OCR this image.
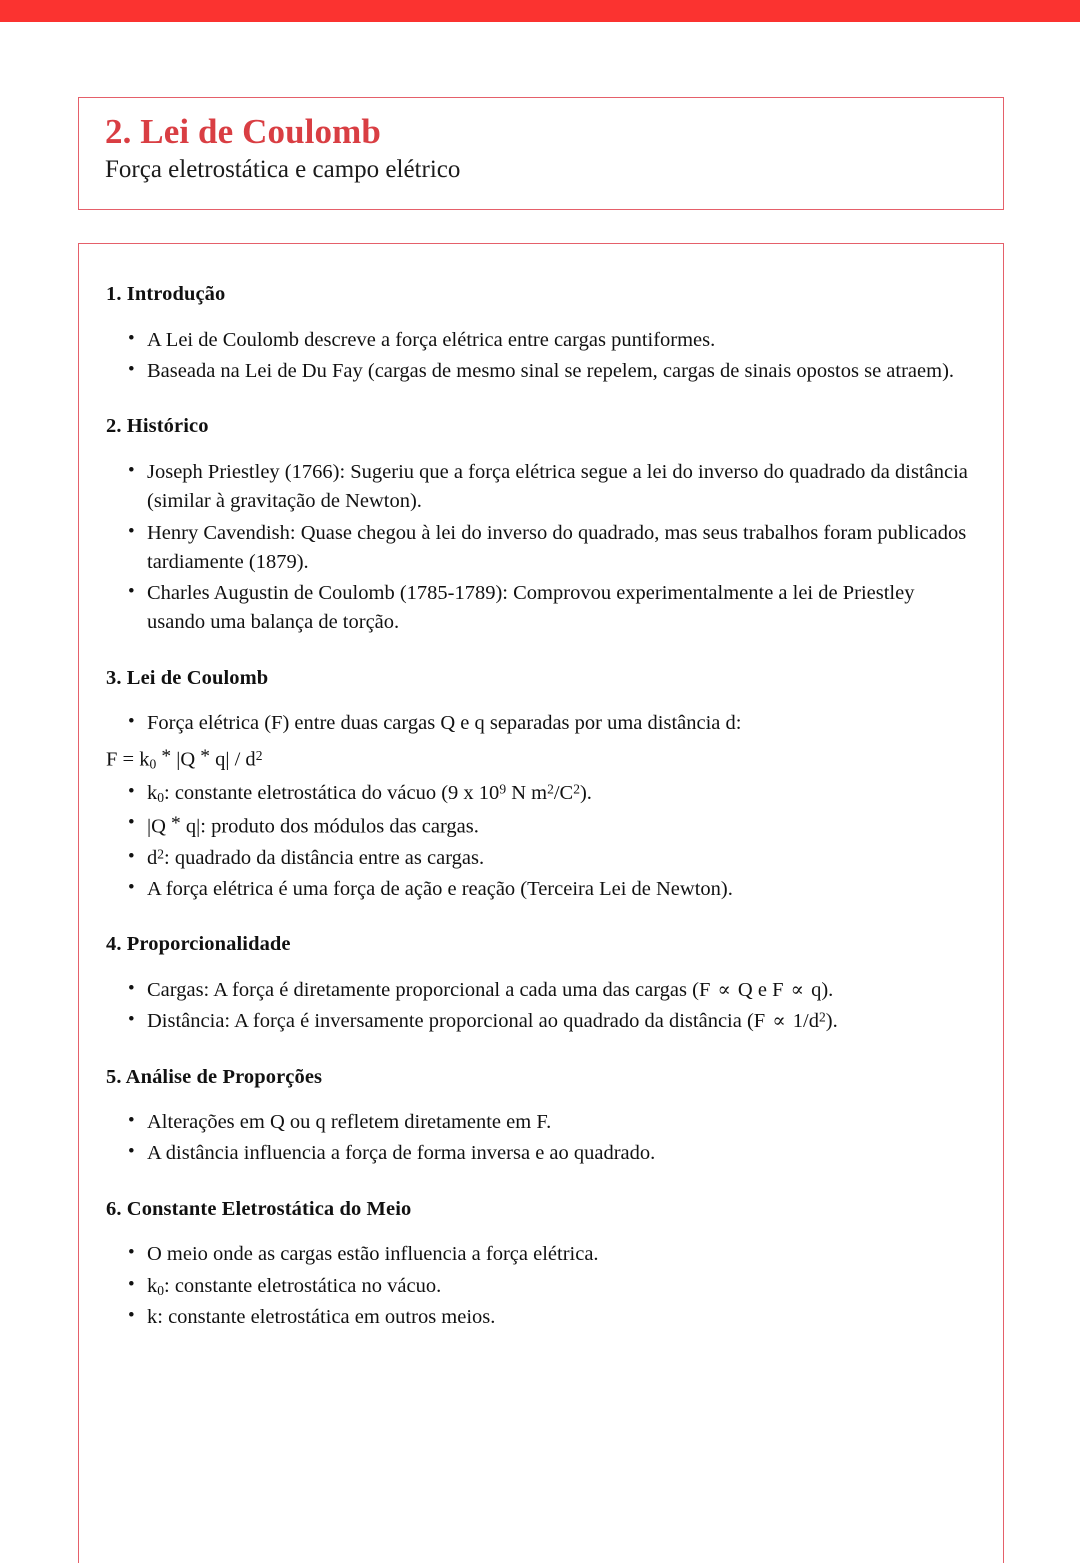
2. Lei de Coulomb
Força eletrostática e campo elétrico
1. Introdução
• A Lei de Coulomb descreve a força elétrica entre cargas puntiformes.
• Baseada na Lei de Du Fay (cargas de mesmo sinal se repelem, cargas de sinais opostos se atraem).
2. Histórico
• Joseph Priestley (1766): Sugeriu que a força elétrica segue a lei do inverso do quadrado da distância (similar à gravitação de Newton).
• Henry Cavendish: Quase chegou à lei do inverso do quadrado, mas seus trabalhos foram publicados tardiamente (1879).
• Charles Augustin de Coulomb (1785-1789): Comprovou experimentalmente a lei de Priestley usando uma balança de torção.
3. Lei de Coulomb
• Força elétrica (F) entre duas cargas Q e q separadas por uma distância d:
$F = k_0 * |Q * q| / d^2$
• $k_0$: constante eletrostática do vácuo (9 x $10^9$ N $m^2/C^2$).
• |Q * q|: produto dos módulos das cargas.
• $d^2$: quadrado da distância entre as cargas.
• A força elétrica é uma força de ação e reação (Terceira Lei de Newton).
4. Proporcionalidade
• Cargas: A força é diretamente proporcional a cada uma das cargas (F ∝ Q e F ∝ q).
• Distância: A força é inversamente proporcional ao quadrado da distância $(F \propto 1/d^2)$.
5. Análise de Proporções
• Alterações em Q ou q refletem diretamente em F.
• A distância influencia a força de forma inversa e ao quadrado.
6. Constante Eletrostática do Meio
• O meio onde as cargas estão influencia a força elétrica.
• $k_0$: constante eletrostática no vácuo.
• k: constante eletrostática em outros meios.
